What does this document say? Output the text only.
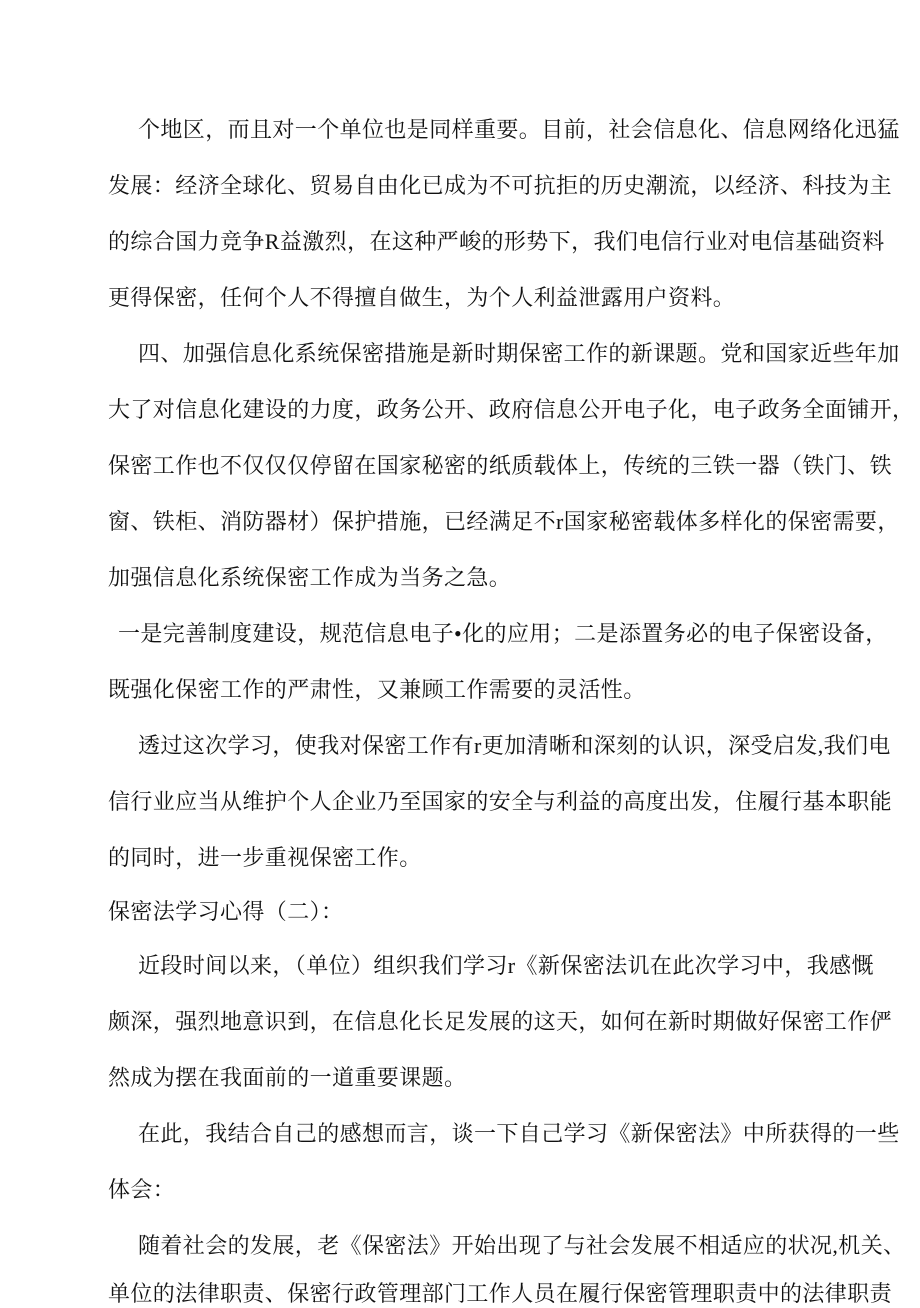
个地区，而且对一个单位也是同样重要。目前，社会信息化、信息网络化迅猛
发展：经济全球化、贸易自由化已成为不可抗拒的历史潮流，以经济、科技为主
的综合国力竞争R益激烈，在这种严峻的形势下，我们电信行业对电信基础资料
更得保密，任何个人不得擅自做生，为个人利益泄露用户资料。
四、加强信息化系统保密措施是新时期保密工作的新课题。党和国家近些年加
大了对信息化建设的力度，政务公开、政府信息公开电子化，电子政务全面铺开，
保密工作也不仅仅仅停留在国家秘密的纸质载体上，传统的三铁一器（铁门、铁
窗、铁柜、消防器材）保护措施，已经满足不r国家秘密载体多样化的保密需要，
加强信息化系统保密工作成为当务之急。
一是完善制度建设，规范信息电子•化的应用；二是添置务必的电子保密设备，
既强化保密工作的严肃性，又兼顾工作需要的灵活性。
透过这次学习，使我对保密工作有r更加清晰和深刻的认识，深受启发,我们电
信行业应当从维护个人企业乃至国家的安全与利益的高度出发，住履行基本职能
的同时，进一步重视保密工作。
保密法学习心得（二）：
近段时间以来，（单位）组织我们学习r《新保密法讥在此次学习中，我感慨
颇深，强烈地意识到，在信息化长足发展的这天，如何在新时期做好保密工作俨
然成为摆在我面前的一道重要课题。
在此，我结合自己的感想而言，谈一下自己学习《新保密法》中所获得的一些
体会：
随着社会的发展，老《保密法》开始出现了与社会发展不相适应的状况,机关、
单位的法律职责、保密行政管理部门工作人员在履行保密管理职责中的法律职责
